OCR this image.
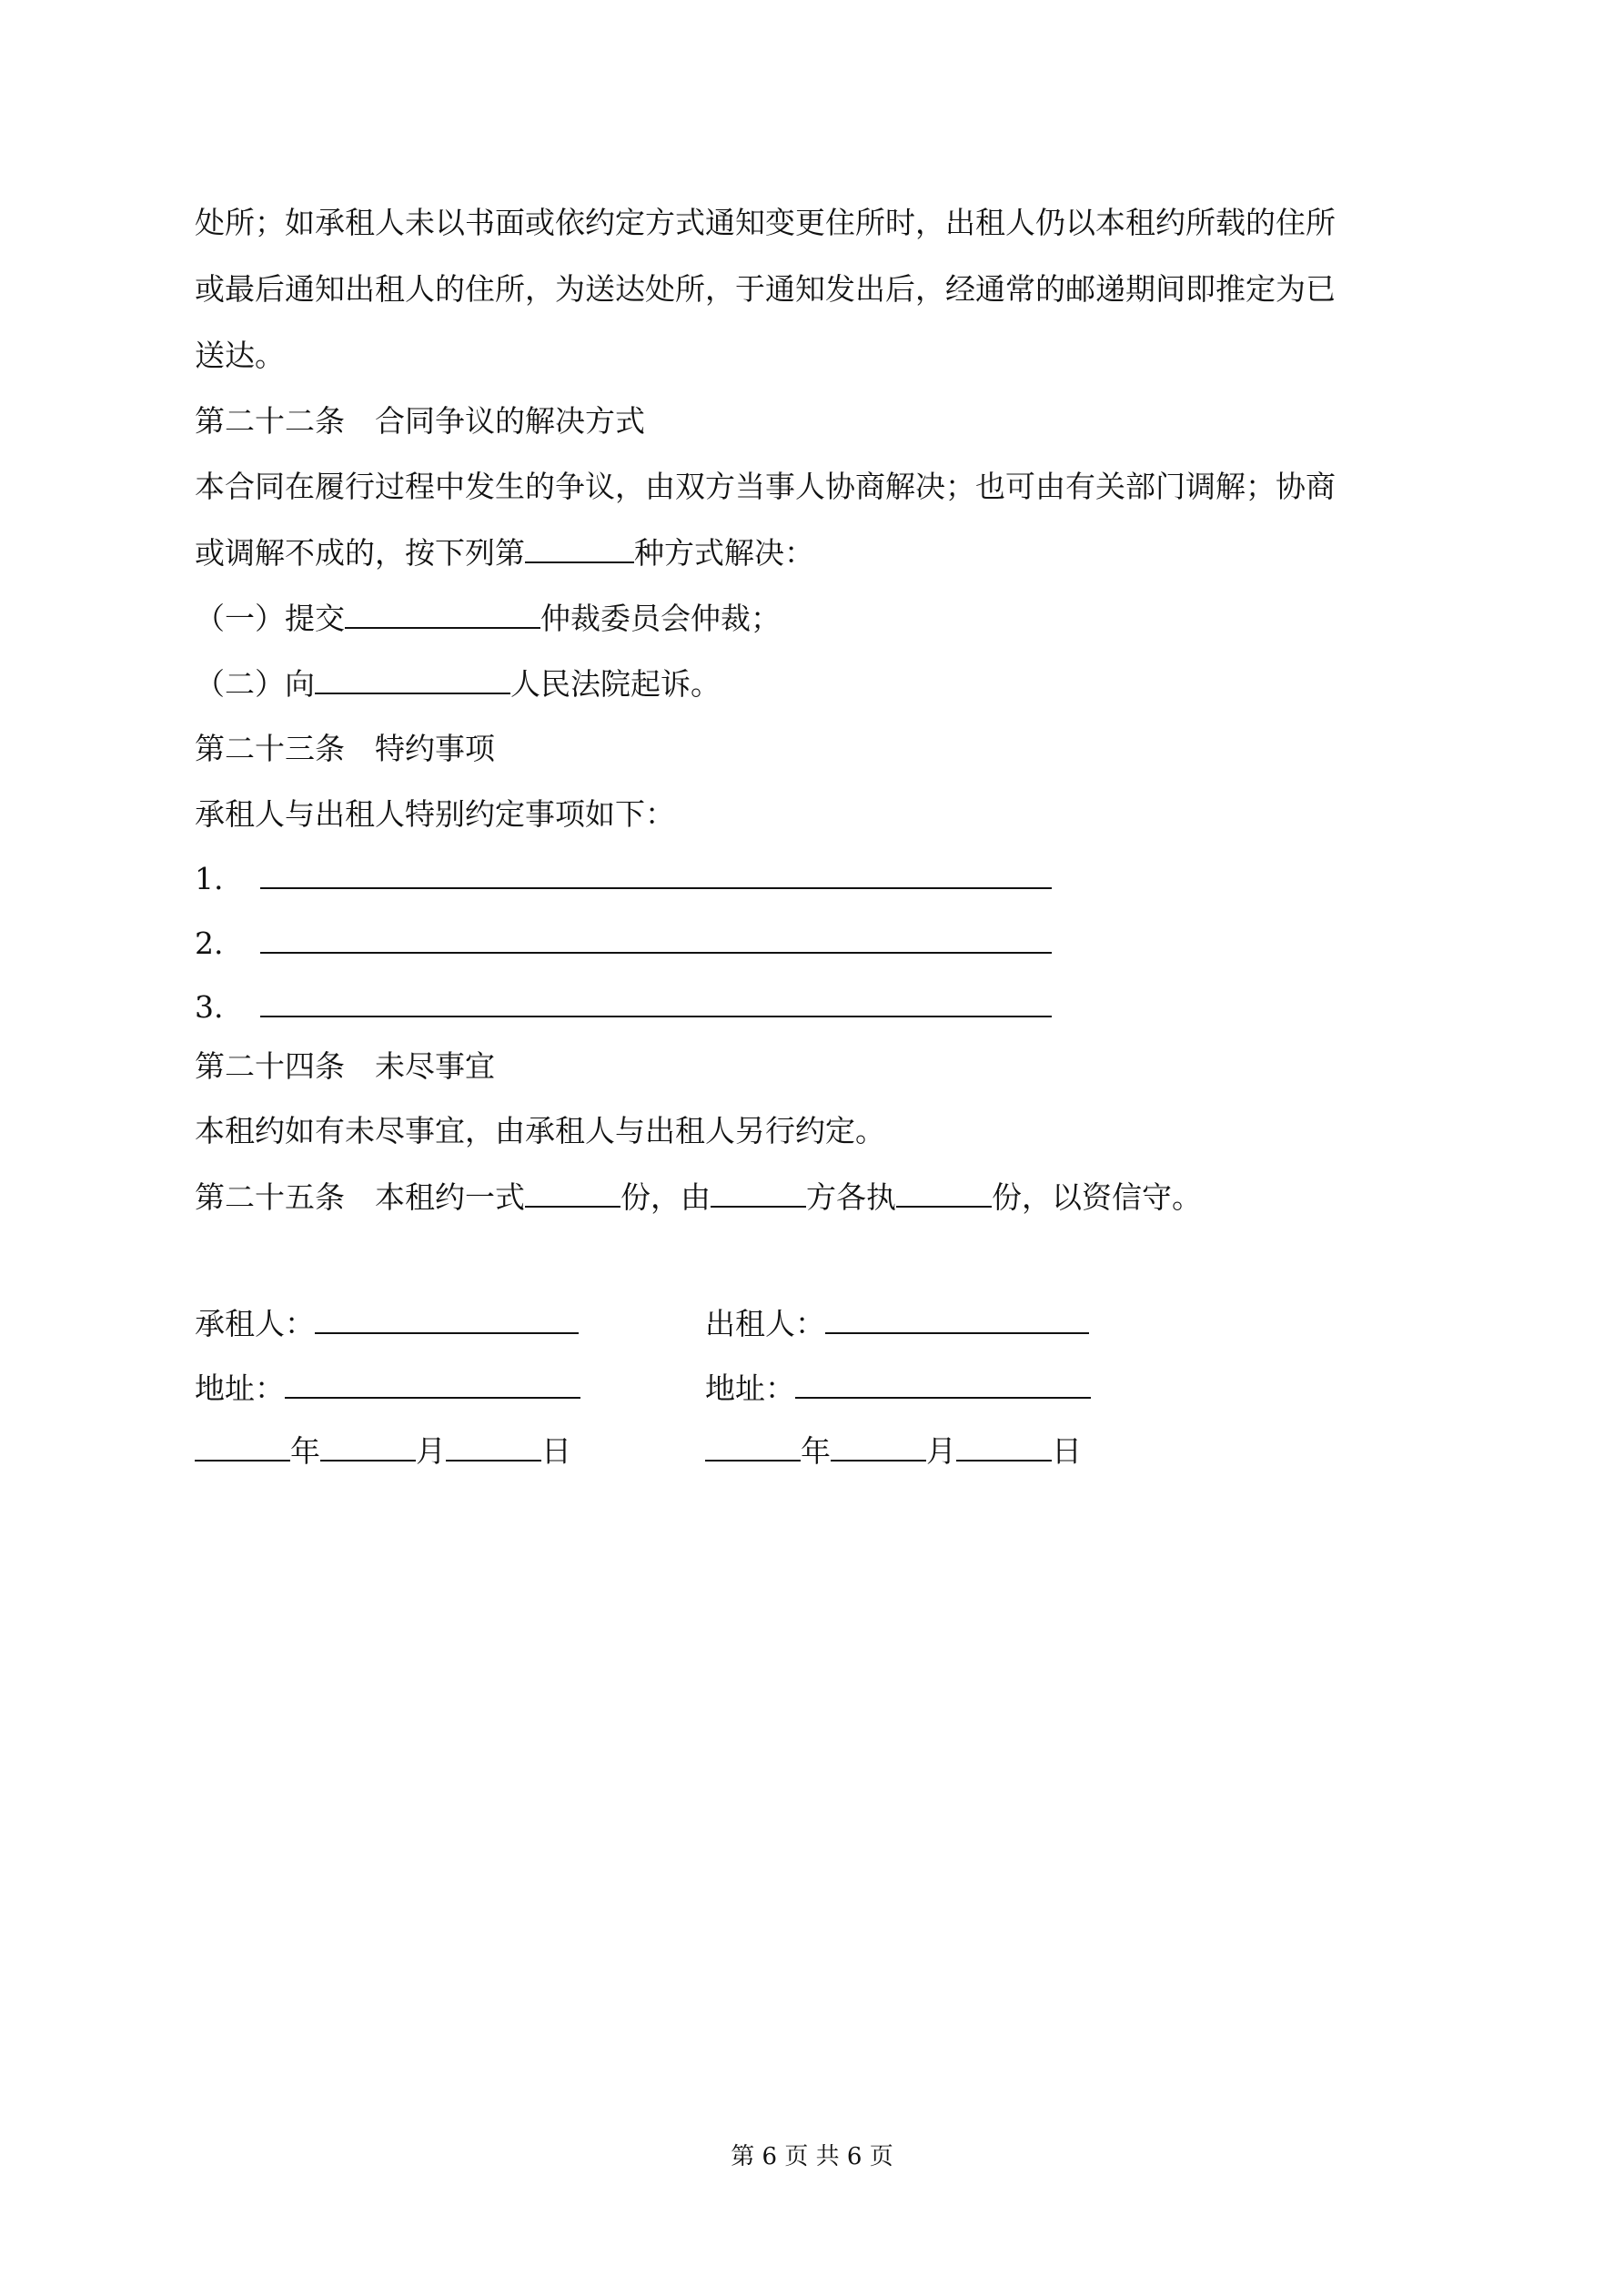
处所；如承租人未以书面或依约定方式通知变更住所时，出租人仍以本租约所载的住所
或最后通知出租人的住所，为送达处所，于通知发出后，经通常的邮递期间即推定为已
送达。
第二十二条　合同争议的解决方式
本合同在履行过程中发生的争议，由双方当事人协商解决；也可由有关部门调解；协商
或调解不成的，按下列第	种方式解决：
（一）提交	仲裁委员会仲裁；
（二）向	人民法院起诉。
第二十三条　特约事项
承租人与出租人特别约定事项如下：
1.
2.
3.
第二十四条　未尽事宜
本租约如有未尽事宜，由承租人与出租人另行约定。
第二十五条　本租约一式	份，由	方各执	份，以资信守。
承租人：
地址：
年	月	日
出租人：
地址：
年	月	日
第 6 页 共 6 页
